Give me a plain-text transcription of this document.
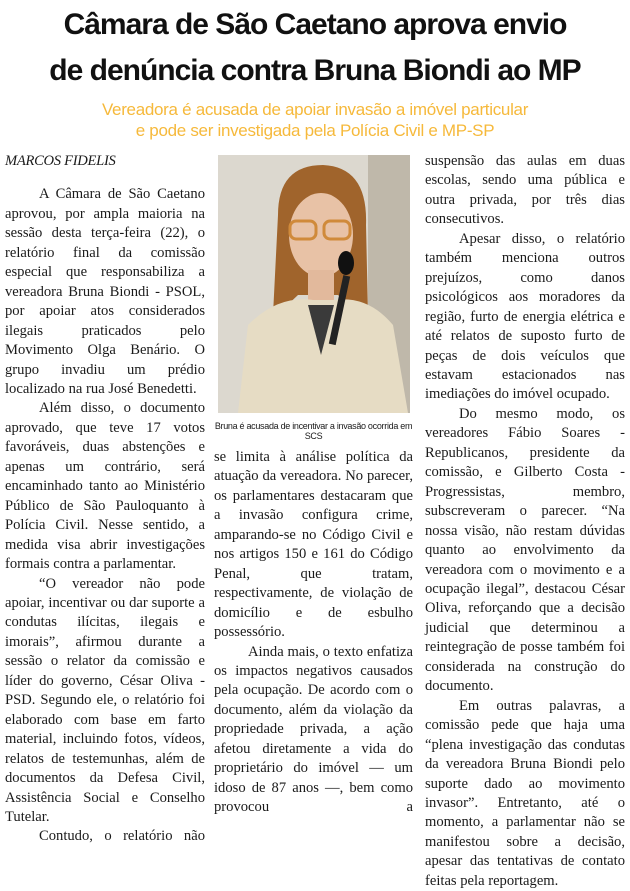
Câmara de São Caetano aprova envio
de denúncia contra Bruna Biondi ao MP
Vereadora é acusada de apoiar invasão a imóvel particular
e pode ser investigada pela Polícia Civil e MP-SP

MARCOS FIDELIS

A Câmara de São Caetano aprovou, por ampla maioria na sessão desta terça-feira (22), o relatório final da comissão especial que responsabiliza a vereadora Bruna Biondi - PSOL, por apoiar atos considerados ilegais praticados pelo Movimento Olga Benário. O grupo invadiu um prédio localizado na rua José Benedetti.

Além disso, o documento aprovado, que teve 17 votos favoráveis, duas abstenções e apenas um contrário, será encaminhado tanto ao Ministério Público de São Pauloquanto à Polícia Civil. Nesse sentido, a medida visa abrir investigações formais contra a parlamentar.

“O vereador não pode apoiar, incentivar ou dar suporte a condutas ilícitas, ilegais e imorais”, afirmou durante a sessão o relator da comissão e líder do governo, César Oliva - PSD. Segundo ele, o relatório foi elaborado com base em farto material, incluindo fotos, vídeos, relatos de testemunhas, além de documentos da Defesa Civil, Assistência Social e Conselho Tutelar.

Contudo, o relatório não

Bruna é acusada de incentivar a invasão ocorrida em SCS

se limita à análise política da atuação da vereadora. No parecer, os parlamentares destacaram que a invasão configura crime, amparando-se no Código Civil e nos artigos 150 e 161 do Código Penal, que tratam, respectivamente, de violação de domicílio e de esbulho possessório.

Ainda mais, o texto enfatiza os impactos negativos causados pela ocupação. De acordo com o documento, além da violação da propriedade privada, a ação afetou diretamente a vida do proprietário do imóvel — um idoso de 87 anos —, bem como provocou a

suspensão das aulas em duas escolas, sendo uma pública e outra privada, por três dias consecutivos.

Apesar disso, o relatório também menciona outros prejuízos, como danos psicológicos aos moradores da região, furto de energia elétrica e até relatos de suposto furto de peças de dois veículos que estavam estacionados nas imediações do imóvel ocupado.

Do mesmo modo, os vereadores Fábio Soares - Republicanos, presidente da comissão, e Gilberto Costa - Progressistas, membro, subscreveram o parecer. “Na nossa visão, não restam dúvidas quanto ao envolvimento da vereadora com o movimento e a ocupação ilegal”, destacou César Oliva, reforçando que a decisão judicial que determinou a reintegração de posse também foi considerada na construção do documento.

Em outras palavras, a comissão pede que haja uma “plena investigação das condutas da vereadora Bruna Biondi pelo suporte dado ao movimento invasor”. Entretanto, até o momento, a parlamentar não se manifestou sobre a decisão, apesar das tentativas de contato feitas pela reportagem.
